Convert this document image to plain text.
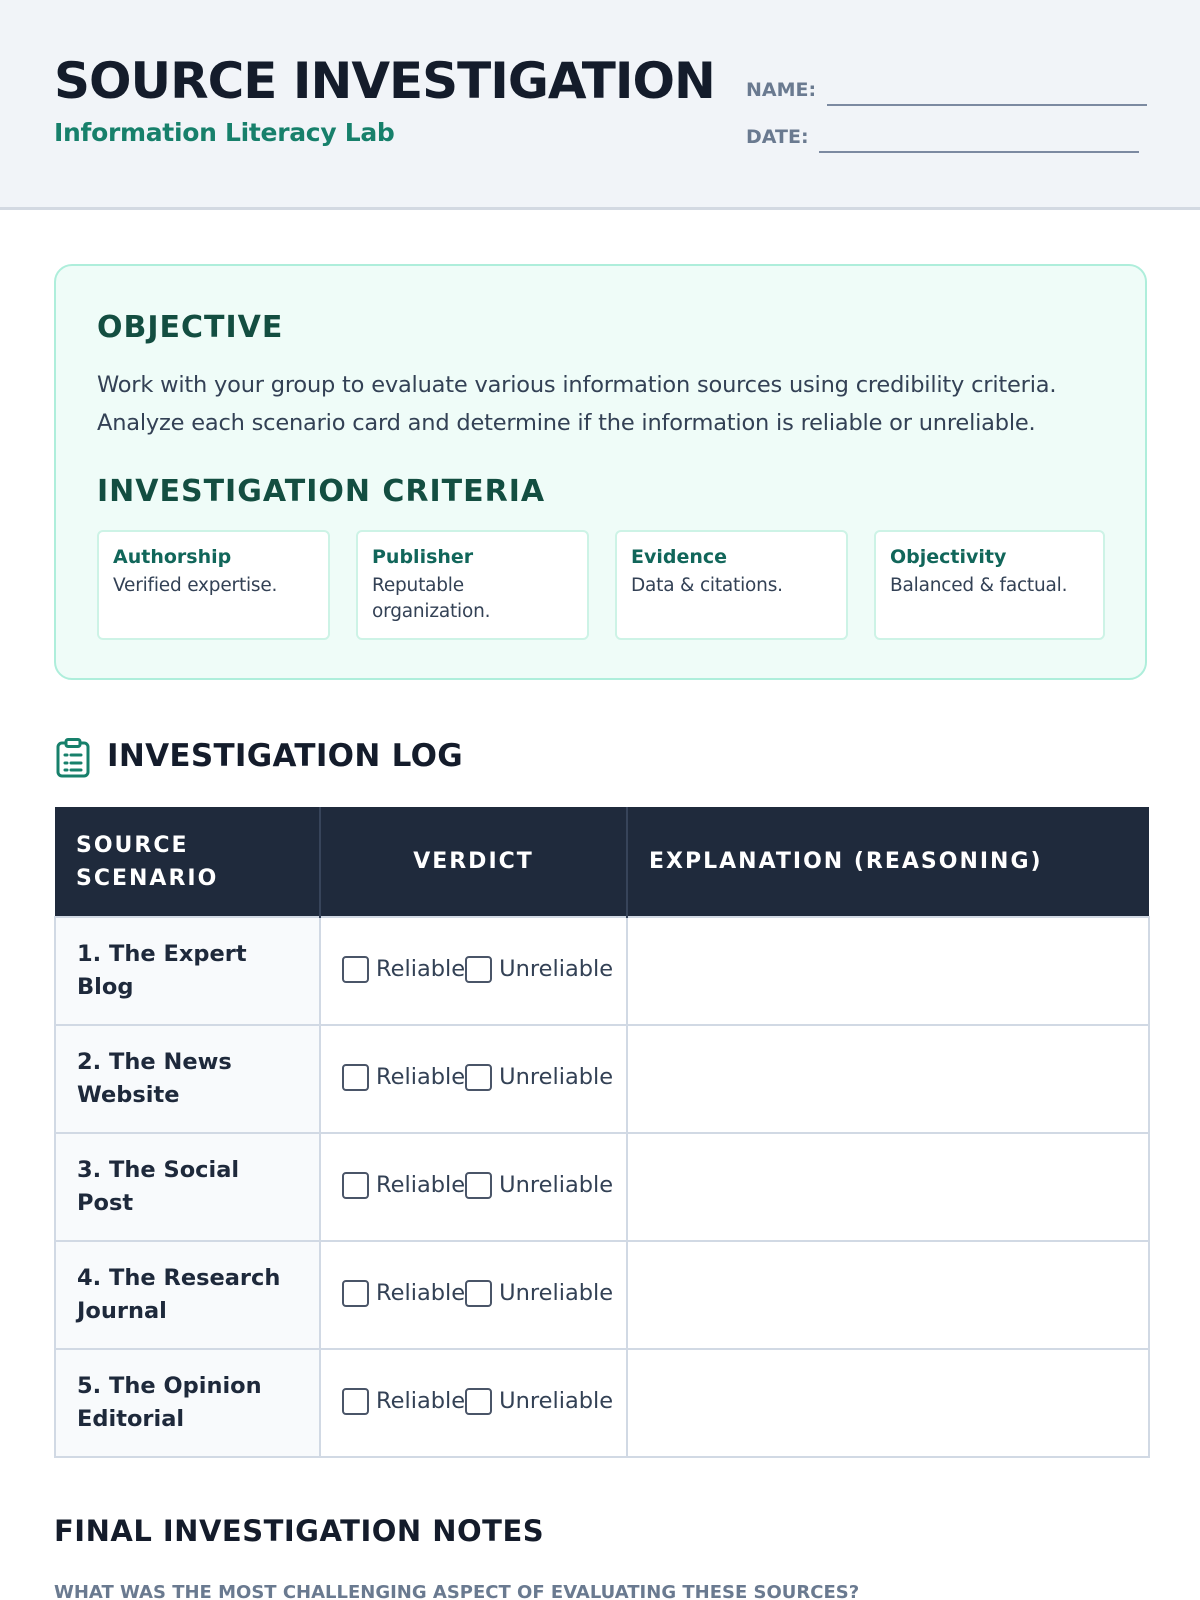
SOURCE INVESTIGATION
Information Literacy Lab
NAME:
DATE:
OBJECTIVE
Work with your group to evaluate various information sources using credibility criteria. Analyze each scenario card and determine if the information is reliable or unreliable.
INVESTIGATION CRITERIA
Authorship
Verified expertise.
Publisher
Reputable organization.
Evidence
Data & citations.
Objectivity
Balanced & factual.
INVESTIGATION LOG
SOURCE SCENARIO	VERDICT	EXPLANATION (REASONING)
1. The Expert Blog	Reliable Unreliable	

2. The News Website	Reliable Unreliable	

3. The Social Post	Reliable Unreliable	

4. The Research Journal	Reliable Unreliable	

5. The Opinion Editorial	Reliable Unreliable	

FINAL INVESTIGATION NOTES
WHAT WAS THE MOST CHALLENGING ASPECT OF EVALUATING THESE SOURCES?
